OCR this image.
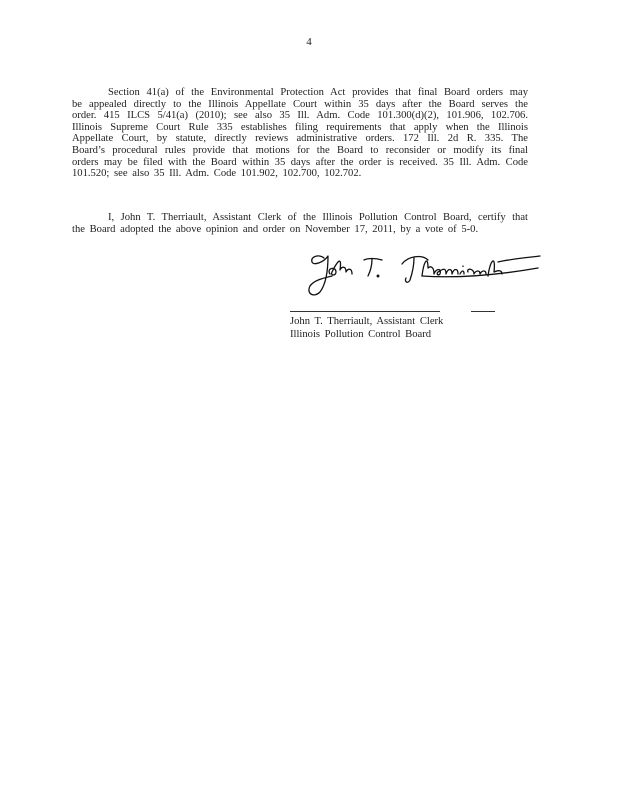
4
Section 41(a) of the Environmental Protection Act provides that final Board orders may
be appealed directly to the Illinois Appellate Court within 35 days after the Board serves the
order. 415 ILCS 5/41(a) (2010); see also 35 Ill. Adm. Code 101.300(d)(2), 101.906, 102.706.
Illinois Supreme Court Rule 335 establishes filing requirements that apply when the Illinois
Appellate Court, by statute, directly reviews administrative orders. 172 Ill. 2d R. 335. The
Board’s procedural rules provide that motions for the Board to reconsider or modify its final
orders may be filed with the Board within 35 days after the order is received. 35 Ill. Adm. Code
101.520; see also 35 Ill. Adm. Code 101.902, 102.700, 102.702.
I, John T. Therriault, Assistant Clerk of the Illinois Pollution Control Board, certify that
the Board adopted the above opinion and order on November 17, 2011, by a vote of 5-0.
John T. Therriault, Assistant Clerk
Illinois Pollution Control Board
